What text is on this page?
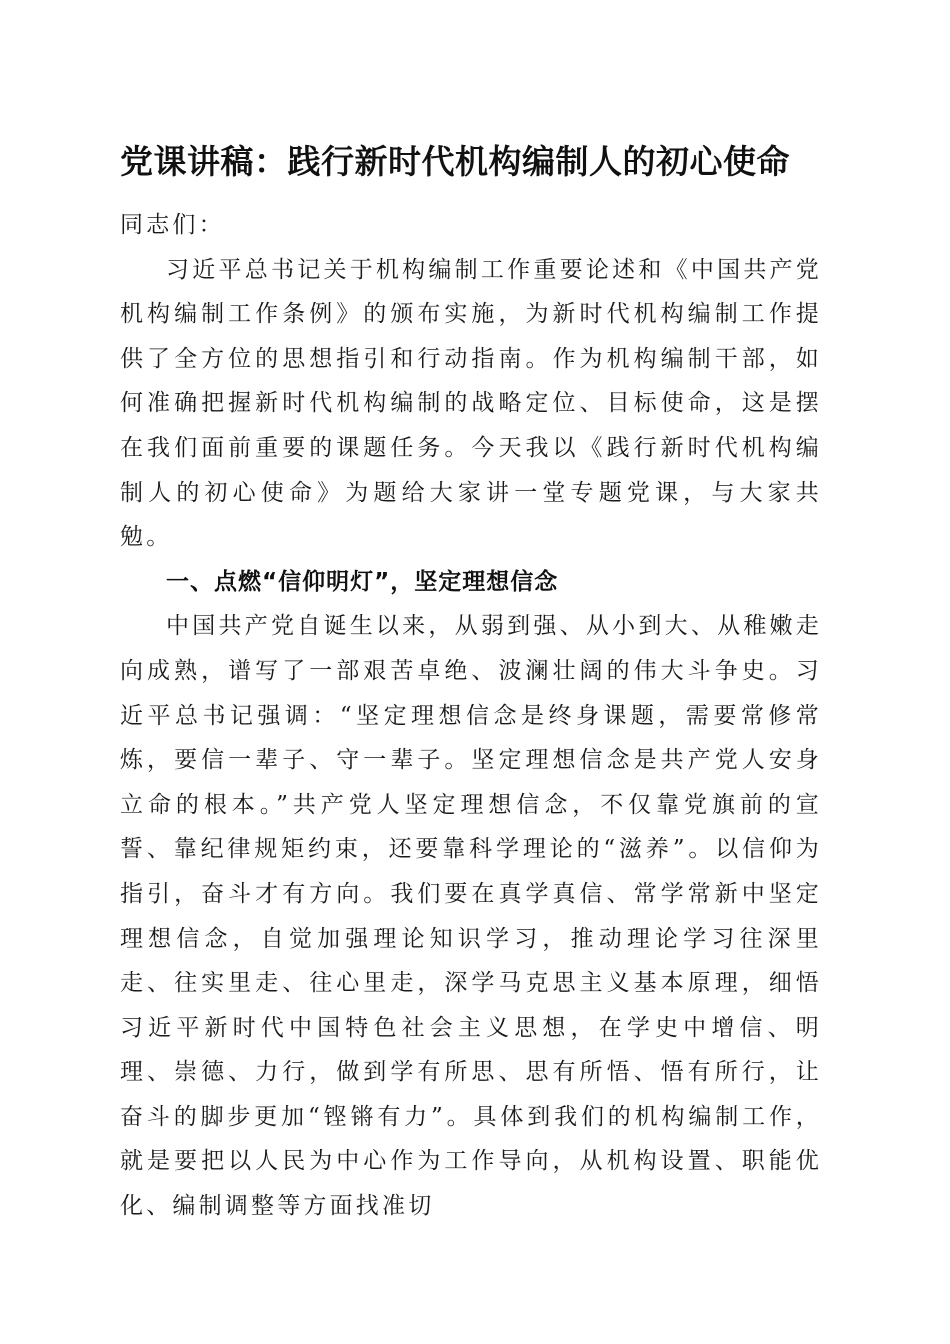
党课讲稿：践行新时代机构编制人的初心使命

同志们：

习近平总书记关于机构编制工作重要论述和《中国共产党机构编制工作条例》的颁布实施，为新时代机构编制工作提供了全方位的思想指引和行动指南。作为机构编制干部，如何准确把握新时代机构编制的战略定位、目标使命，这是摆在我们面前重要的课题任务。今天我以《践行新时代机构编制人的初心使命》为题给大家讲一堂专题党课，与大家共勉。

一、点燃“信仰明灯”，坚定理想信念

中国共产党自诞生以来，从弱到强、从小到大、从稚嫩走向成熟，谱写了一部艰苦卓绝、波澜壮阔的伟大斗争史。习近平总书记强调：“坚定理想信念是终身课题，需要常修常炼，要信一辈子、守一辈子。坚定理想信念是共产党人安身立命的根本。”共产党人坚定理想信念，不仅靠党旗前的宣誓、靠纪律规矩约束，还要靠科学理论的“滋养”。以信仰为指引，奋斗才有方向。我们要在真学真信、常学常新中坚定理想信念，自觉加强理论知识学习，推动理论学习往深里走、往实里走、往心里走，深学马克思主义基本原理，细悟习近平新时代中国特色社会主义思想，在学史中增信、明理、崇德、力行，做到学有所思、思有所悟、悟有所行，让奋斗的脚步更加“铿锵有力”。具体到我们的机构编制工作，就是要把以人民为中心作为工作导向，从机构设置、职能优化、编制调整等方面找准切
